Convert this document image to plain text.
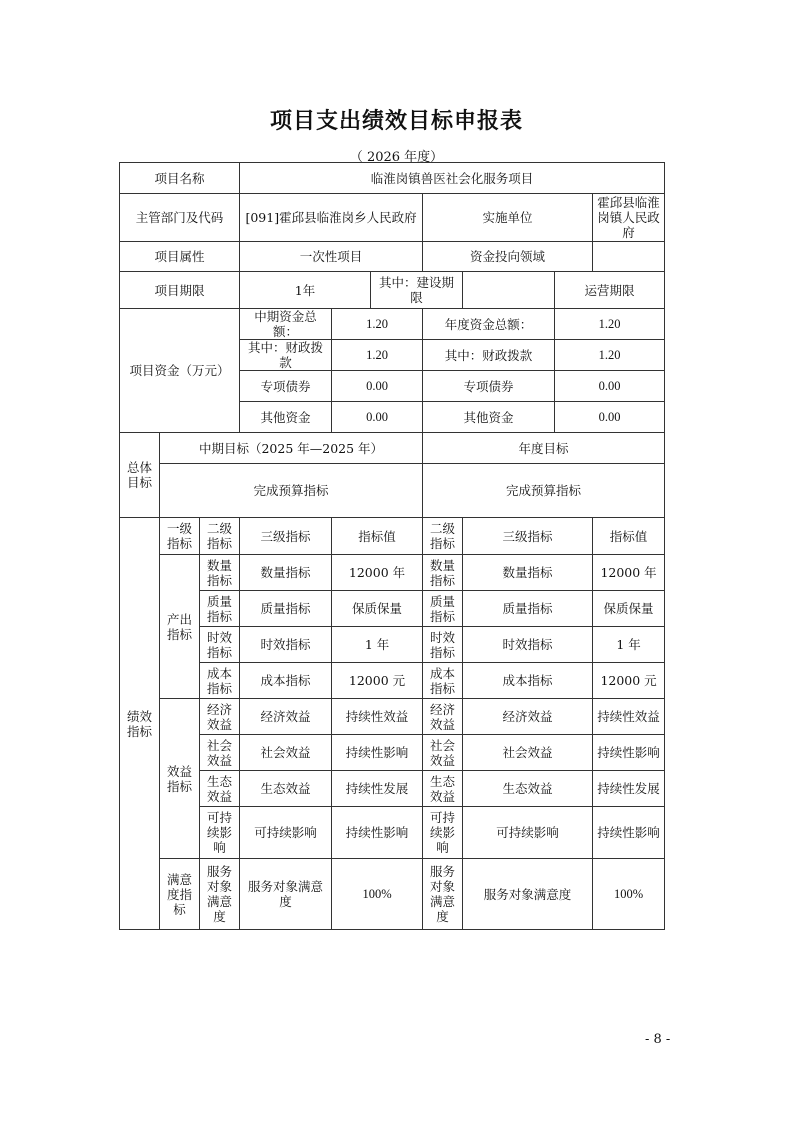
项目支出绩效目标申报表
（ 2026 年度）
项目名称			临淮岗镇兽医社会化服务项目						
主管部门及代码			[091]霍邱县临淮岗乡人民政府			实施单位			霍邱县临淮岗镇人民政府
项目属性			一次性项目			资金投向领域			
项目期限			1年		其中：建设期限			运营期限	
项目资金（万元）			中期资金总额：	1.20		年度资金总额：		1.20	
			其中：财政拨款	1.20		其中：财政拨款		1.20	
			专项债券	0.00		专项债券		0.00	
			其他资金	0.00		其他资金		0.00	
总体目标	中期目标（2025 年—2025 年）					年度目标			
	完成预算指标					完成预算指标			
绩效指标	一级指标	二级指标	三级指标	指标值		二级指标	三级指标		指标值
	产出指标	数量指标	数量指标	12000 年		数量指标	数量指标		12000 年
		质量指标	质量指标	保质保量		质量指标	质量指标		保质保量
		时效指标	时效指标	1 年		时效指标	时效指标		1 年
		成本指标	成本指标	12000 元		成本指标	成本指标		12000 元
	效益指标	经济效益	经济效益	持续性效益		经济效益	经济效益		持续性效益
		社会效益	社会效益	持续性影响		社会效益	社会效益		持续性影响
		生态效益	生态效益	持续性发展		生态效益	生态效益		持续性发展
		可持续影响	可持续影响	持续性影响		可持续影响	可持续影响		持续性影响
	满意度指标	服务对象满意度	服务对象满意度	100%		服务对象满意度	服务对象满意度		100%
- 8 -
